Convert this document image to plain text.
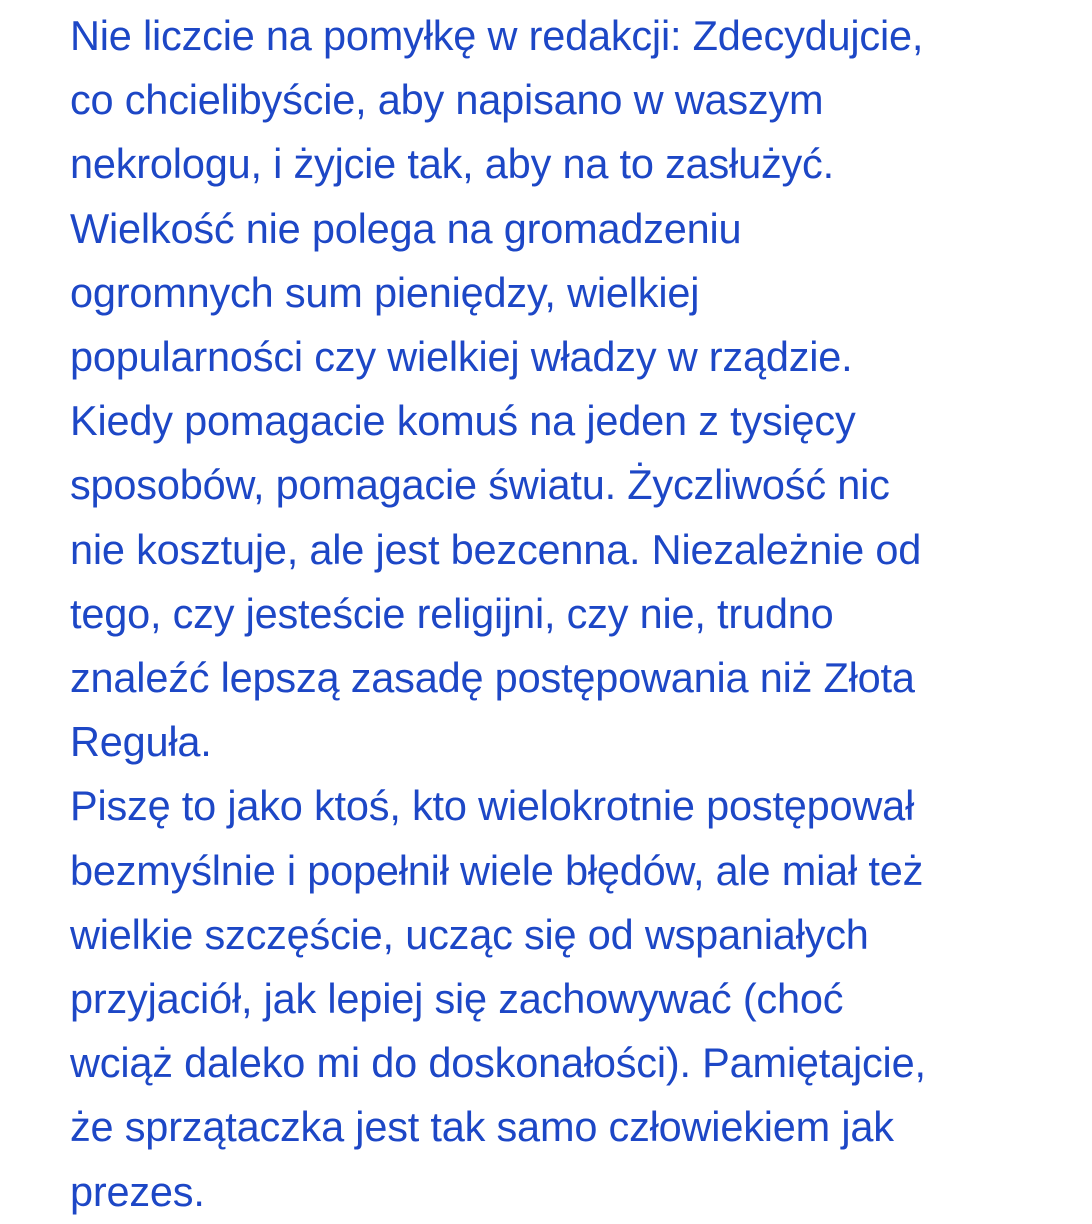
Nie liczcie na pomyłkę w redakcji: Zdecydujcie,
co chcielibyście, aby napisano w waszym
nekrologu, i żyjcie tak, aby na to zasłużyć.
Wielkość nie polega na gromadzeniu
ogromnych sum pieniędzy, wielkiej
popularności czy wielkiej władzy w rządzie.
Kiedy pomagacie komuś na jeden z tysięcy
sposobów, pomagacie światu. Życzliwość nic
nie kosztuje, ale jest bezcenna. Niezależnie od
tego, czy jesteście religijni, czy nie, trudno
znaleźć lepszą zasadę postępowania niż Złota
Reguła.
Piszę to jako ktoś, kto wielokrotnie postępował
bezmyślnie i popełnił wiele błędów, ale miał też
wielkie szczęście, ucząc się od wspaniałych
przyjaciół, jak lepiej się zachowywać (choć
wciąż daleko mi do doskonałości). Pamiętajcie,
że sprzątaczka jest tak samo człowiekiem jak
prezes.
